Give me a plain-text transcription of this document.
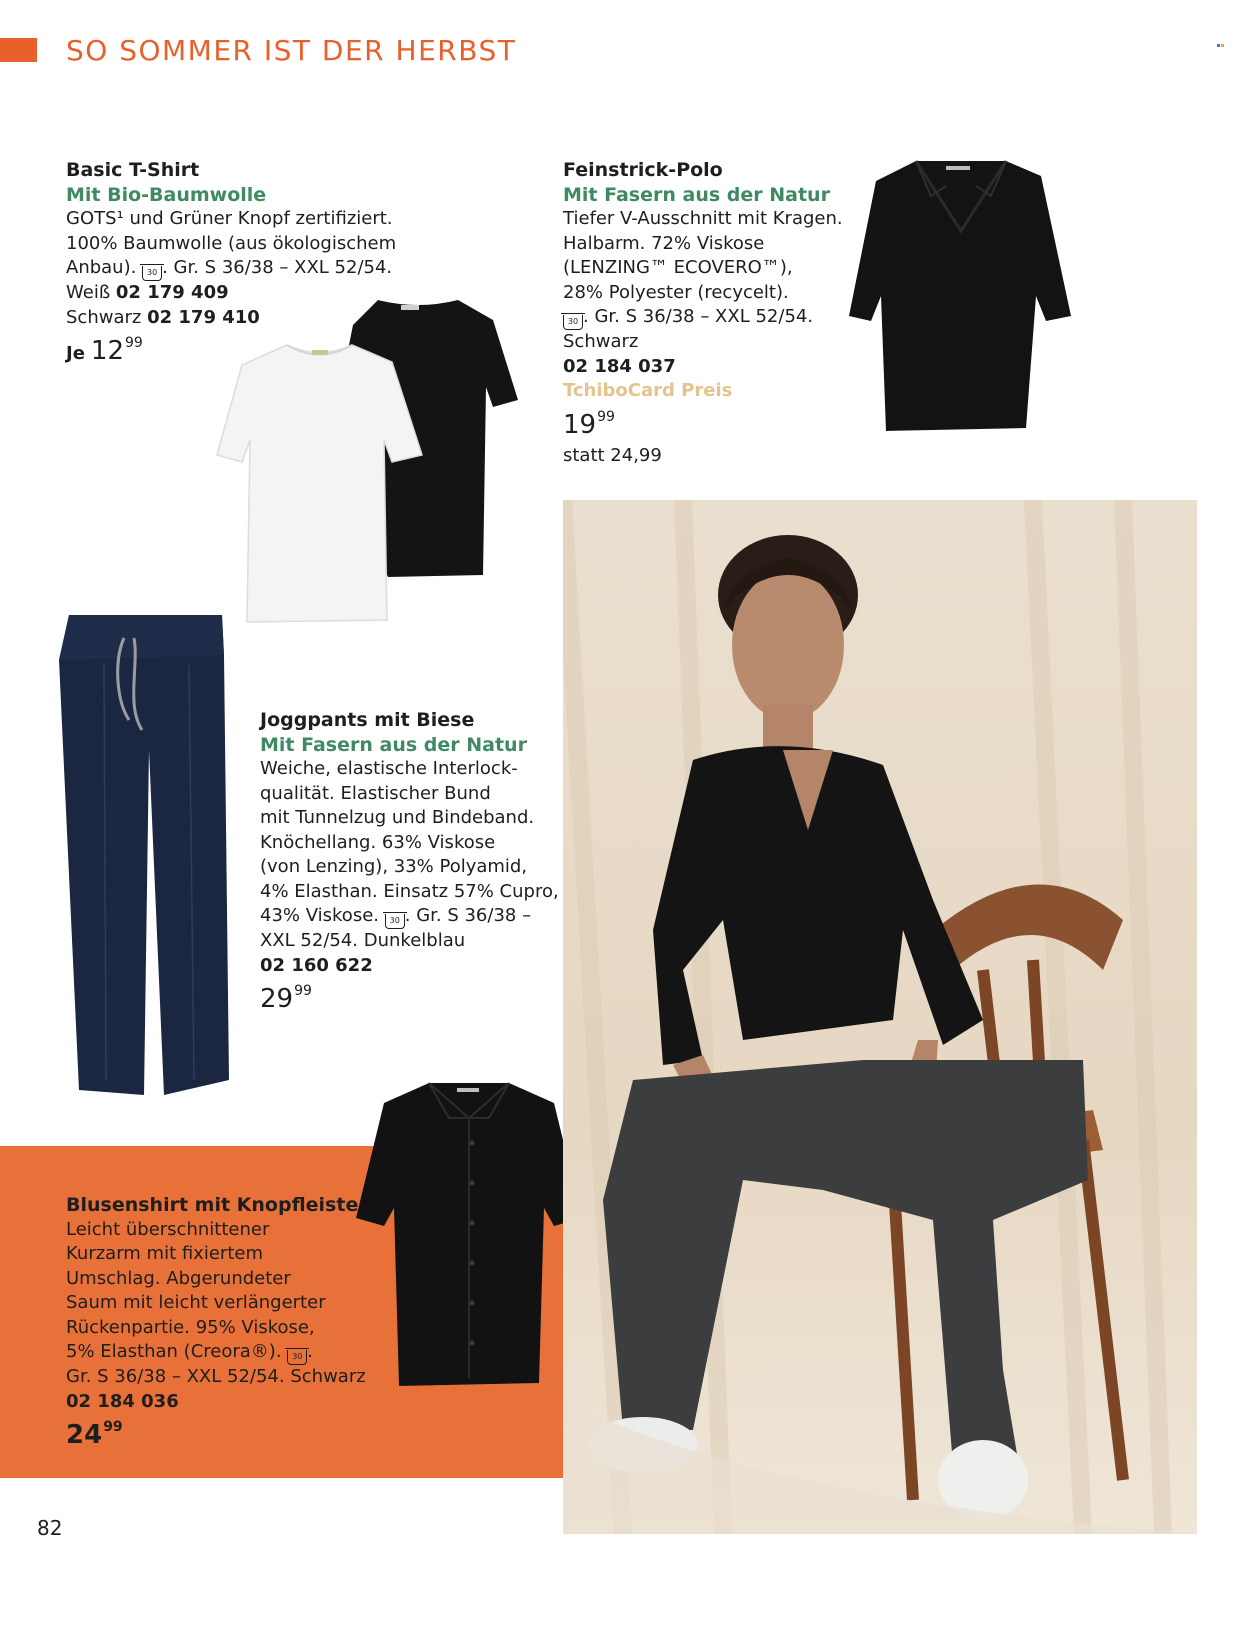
SO SOMMER IST DER HERBST
Basic T-Shirt
Mit Bio-Baumwolle
GOTS¹ und Grüner Knopf zertifiziert.
100% Baumwolle (aus ökologischem
Anbau). 30 . Gr. S 36/38 – XXL 52/54.
Weiß 02 179 409
Schwarz 02 179 410
Je $12^{99}$
Feinstrick-Polo
Mit Fasern aus der Natur
Tiefer V-Ausschnitt mit Kragen.
Halbarm. 72% Viskose
(LENZING™ ECOVERO™),
28% Polyester (recycelt).
30 . Gr. S 36/38 – XXL 52/54.
Schwarz
02 184 037
TchiboCard Preis
$19^{99}$
statt 24,99
Joggpants mit Biese
Mit Fasern aus der Natur
Weiche, elastische Interlock-
qualität. Elastischer Bund
mit Tunnelzug und Bindeband.
Knöchellang. 63% Viskose
(von Lenzing), 33% Polyamid,
4% Elasthan. Einsatz 57% Cupro,
43% Viskose. 30 . Gr. S 36/38 –
XXL 52/54. Dunkelblau
02 160 622
$29^{99}$
Blusenshirt mit Knopfleiste
Leicht überschnittener
Kurzarm mit fixiertem
Umschlag. Abgerundeter
Saum mit leicht verlängerter
Rückenpartie. 95% Viskose,
5% Elasthan (Creora®). 30 .
Gr. S 36/38 – XXL 52/54. Schwarz
02 184 036
$24^{99}$
82
